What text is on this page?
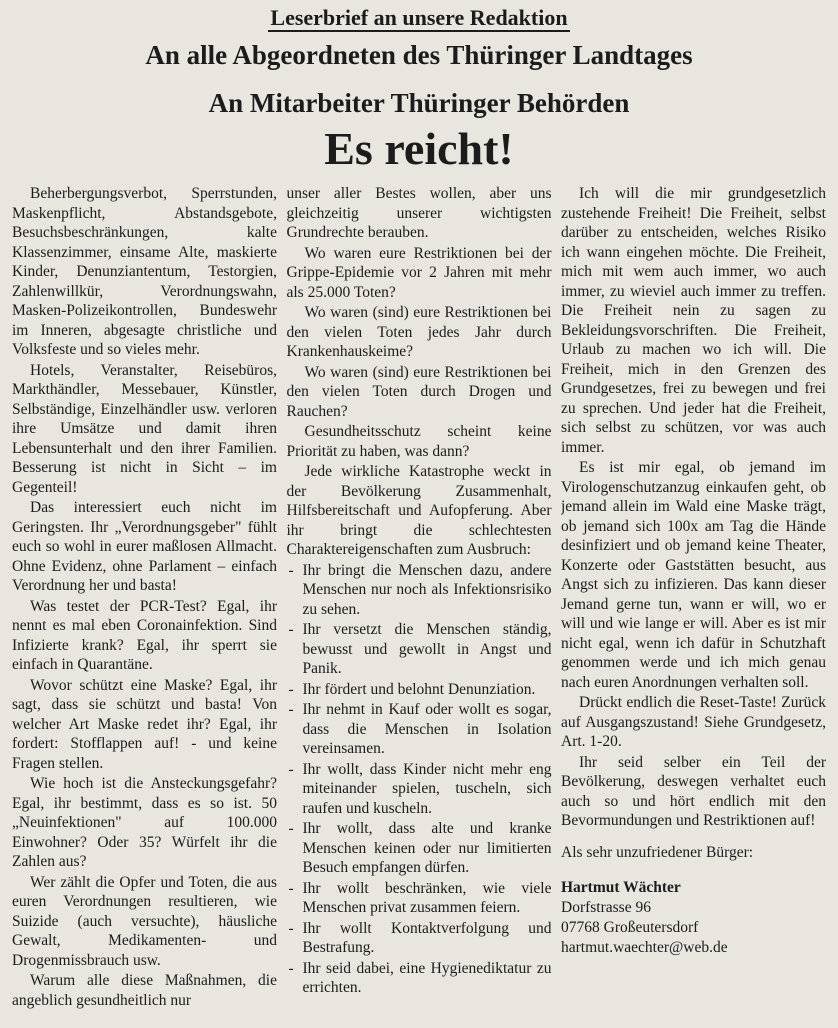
Leserbrief an unsere Redaktion
An alle Abgeordneten des Thüringer Landtages
An Mitarbeiter Thüringer Behörden
Es reicht!

Beherbergungsverbot, Sperrstunden, Maskenpflicht, Abstandsgebote, Besuchsbeschränkungen, kalte Klassenzimmer, einsame Alte, maskierte Kinder, Denunziantentum, Testorgien, Zahlenwillkür, Verordnungswahn, Masken-Polizeikontrollen, Bundeswehr im Inneren, abgesagte christliche und Volksfeste und so vieles mehr.

Hotels, Veranstalter, Reisebüros, Markthändler, Messebauer, Künstler, Selbständige, Einzelhändler usw. verloren ihre Umsätze und damit ihren Lebensunterhalt und den ihrer Familien. Besserung ist nicht in Sicht – im Gegenteil!

Das interessiert euch nicht im Geringsten. Ihr „Verordnungsgeber" fühlt euch so wohl in eurer maßlosen Allmacht. Ohne Evidenz, ohne Parlament – einfach Verordnung her und basta!

Was testet der PCR-Test? Egal, ihr nennt es mal eben Coronainfektion. Sind Infizierte krank? Egal, ihr sperrt sie einfach in Quarantäne.

Wovor schützt eine Maske? Egal, ihr sagt, dass sie schützt und basta! Von welcher Art Maske redet ihr? Egal, ihr fordert: Stofflappen auf! - und keine Fragen stellen.

Wie hoch ist die Ansteckungsgefahr? Egal, ihr bestimmt, dass es so ist. 50 „Neuinfektionen" auf 100.000 Einwohner? Oder 35? Würfelt ihr die Zahlen aus?

Wer zählt die Opfer und Toten, die aus euren Verordnungen resultieren, wie Suizide (auch versuchte), häusliche Gewalt, Medikamenten- und Drogenmissbrauch usw.

Warum alle diese Maßnahmen, die angeblich gesundheitlich nur

unser aller Bestes wollen, aber uns gleichzeitig unserer wichtigsten Grundrechte berauben.

Wo waren eure Restriktionen bei der Grippe-Epidemie vor 2 Jahren mit mehr als 25.000 Toten?

Wo waren (sind) eure Restriktionen bei den vielen Toten jedes Jahr durch Krankenhauskeime?

Wo waren (sind) eure Restriktionen bei den vielen Toten durch Drogen und Rauchen?

Gesundheitsschutz scheint keine Priorität zu haben, was dann?

Jede wirkliche Katastrophe weckt in der Bevölkerung Zusammenhalt, Hilfsbereitschaft und Aufopferung. Aber ihr bringt die schlechtesten Charaktereigenschaften zum Ausbruch:

- Ihr bringt die Menschen dazu, andere Menschen nur noch als Infektionsrisiko zu sehen.
- Ihr versetzt die Menschen ständig, bewusst und gewollt in Angst und Panik.
- Ihr fördert und belohnt Denunziation.
- Ihr nehmt in Kauf oder wollt es sogar, dass die Menschen in Isolation vereinsamen.
- Ihr wollt, dass Kinder nicht mehr eng miteinander spielen, tuscheln, sich raufen und kuscheln.
- Ihr wollt, dass alte und kranke Menschen keinen oder nur limitierten Besuch empfangen dürfen.
- Ihr wollt beschränken, wie viele Menschen privat zusammen feiern.
- Ihr wollt Kontaktverfolgung und Bestrafung.
- Ihr seid dabei, eine Hygienediktatur zu errichten.

Ich will die mir grundgesetzlich zustehende Freiheit! Die Freiheit, selbst darüber zu entscheiden, welches Risiko ich wann eingehen möchte. Die Freiheit, mich mit wem auch immer, wo auch immer, zu wieviel auch immer zu treffen. Die Freiheit nein zu sagen zu Bekleidungsvorschriften. Die Freiheit, Urlaub zu machen wo ich will. Die Freiheit, mich in den Grenzen des Grundgesetzes, frei zu bewegen und frei zu sprechen. Und jeder hat die Freiheit, sich selbst zu schützen, vor was auch immer.

Es ist mir egal, ob jemand im Virologenschutzanzug einkaufen geht, ob jemand allein im Wald eine Maske trägt, ob jemand sich 100x am Tag die Hände desinfiziert und ob jemand keine Theater, Konzerte oder Gaststätten besucht, aus Angst sich zu infizieren. Das kann dieser Jemand gerne tun, wann er will, wo er will und wie lange er will. Aber es ist mir nicht egal, wenn ich dafür in Schutzhaft genommen werde und ich mich genau nach euren Anordnungen verhalten soll.

Drückt endlich die Reset-Taste! Zurück auf Ausgangszustand! Siehe Grundgesetz, Art. 1-20.

Ihr seid selber ein Teil der Bevölkerung, deswegen verhaltet euch auch so und hört endlich mit den Bevormundungen und Restriktionen auf!

Als sehr unzufriedener Bürger:

Hartmut Wächter
Dorfstrasse 96
07768 Großeutersdorf
hartmut.waechter@web.de
